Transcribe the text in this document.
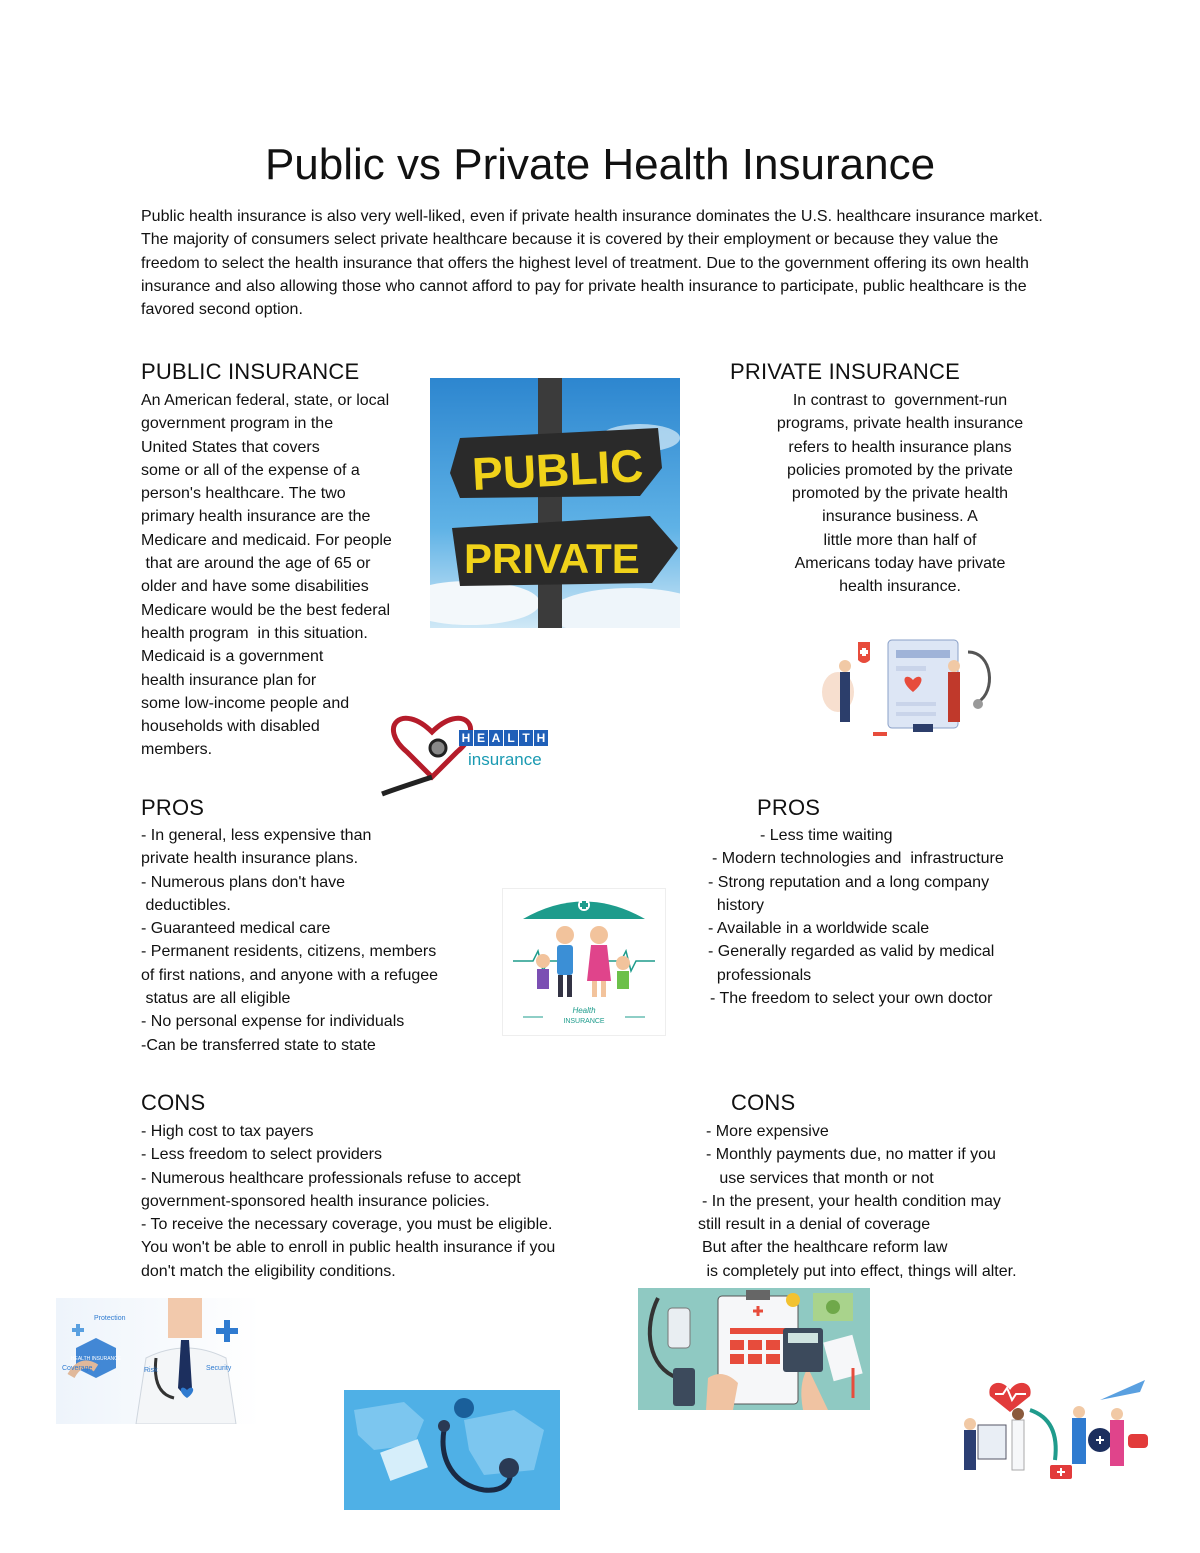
Public vs Private Health Insurance
Public health insurance is also very well-liked, even if private health insurance dominates the U.S. healthcare insurance market. The majority of consumers select private healthcare because it is covered by their employment or because they value the freedom to select the health insurance that offers the highest level of treatment. Due to the government offering its own health insurance and also allowing those who cannot afford to pay for private health insurance to participate, public healthcare is the favored second option.
PUBLIC INSURANCE
An American federal, state, or local
government program in the
United States that covers
some or all of the expense of a
person's healthcare. The two
primary health insurance are the
Medicare and medicaid. For people
that are around the age of 65 or
older and have some disabilities
Medicare would be the best federal
health program  in this situation.
Medicaid is a government
health insurance plan for
some low-income people and
households with disabled
members.
PRIVATE INSURANCE
In contrast to  government-run
programs, private health insurance
refers to health insurance plans
policies promoted by the private
promoted by the private health
insurance business. A
little more than half of
Americans today have private
health insurance.
PUBLIC
PRIVATE
H E A L T H
insurance
PROS	PROS
- In general, less expensive than
private health insurance plans.
- Numerous plans don't have
deductibles.
- Guaranteed medical care
- Permanent residents, citizens, members
of first nations, and anyone with a refugee
status are all eligible
- No personal expense for individuals
-Can be transferred state to state
- Less time waiting
- Modern technologies and  infrastructure
- Strong reputation and a long company
history
- Available in a worldwide scale
- Generally regarded as valid by medical
professionals
- The freedom to select your own doctor
Health
INSURANCE
CONS	CONS
- High cost to tax payers
- Less freedom to select providers
- Numerous healthcare professionals refuse to accept
government-sponsored health insurance policies.
- To receive the necessary coverage, you must be eligible.
You won't be able to enroll in public health insurance if you
don't match the eligibility conditions.
- More expensive
- Monthly payments due, no matter if you
use services that month or not
- In the present, your health condition may
still result in a denial of coverage
But after the healthcare reform law
is completely put into effect, things will alter.
HEALTH INSURANCE
Protection
Coverage	Risk	Security
